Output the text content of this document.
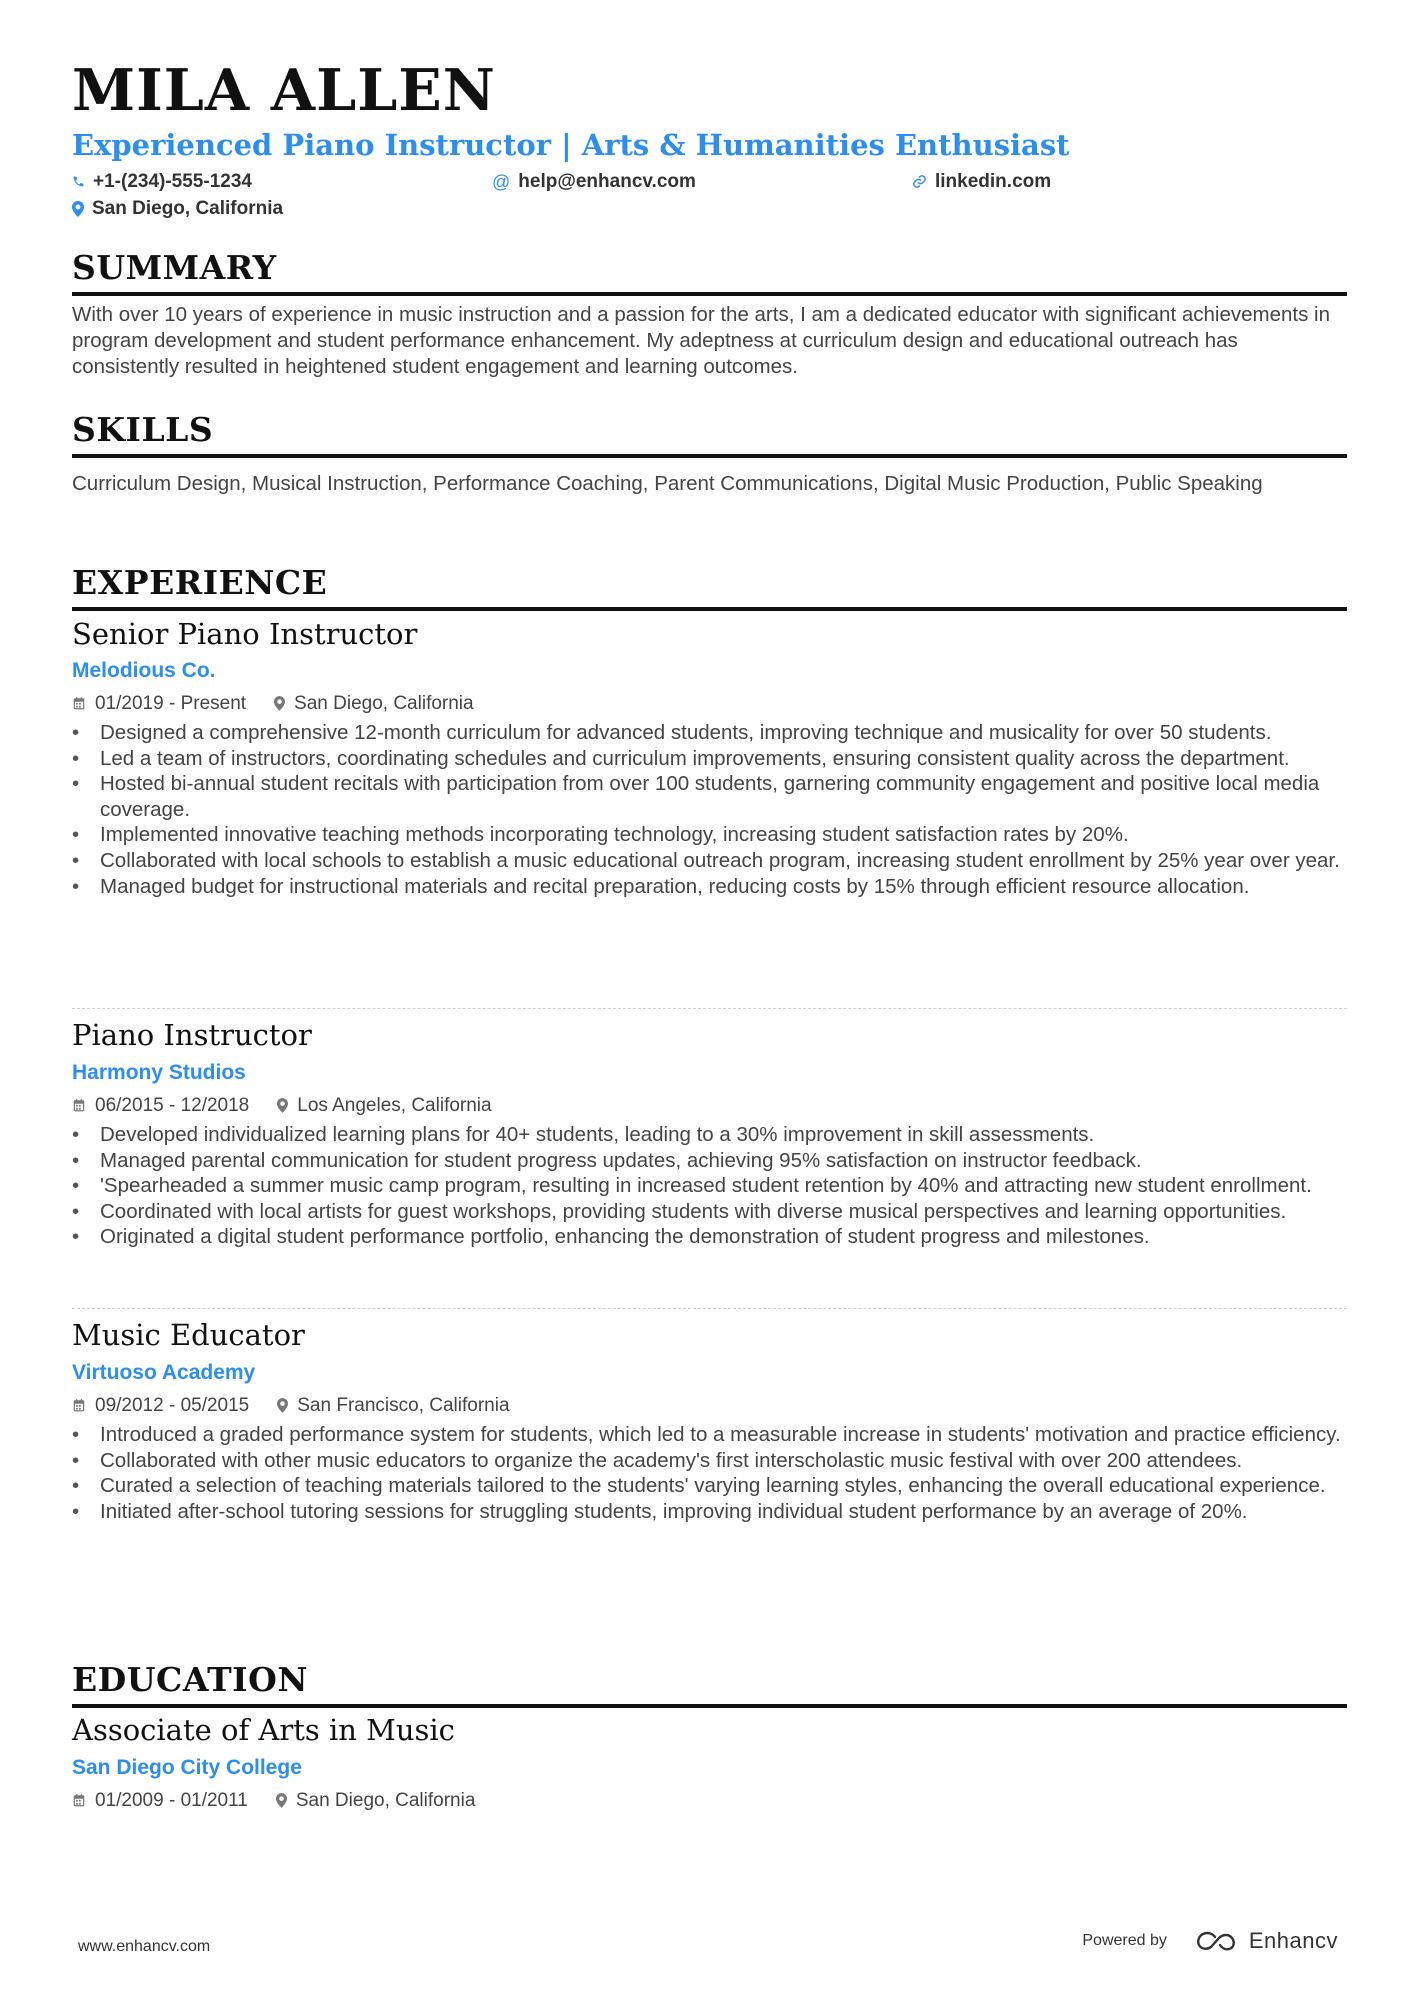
MILA ALLEN
Experienced Piano Instructor | Arts & Humanities Enthusiast
+1-(234)-555-1234	@ help@enhancv.com	linkedin.com
San Diego, California
SUMMARY
With over 10 years of experience in music instruction and a passion for the arts, I am a dedicated educator with significant achievements in program development and student performance enhancement. My adeptness at curriculum design and educational outreach has consistently resulted in heightened student engagement and learning outcomes.
SKILLS
Curriculum Design, Musical Instruction, Performance Coaching, Parent Communications, Digital Music Production, Public Speaking
EXPERIENCE
Senior Piano Instructor
Melodious Co.
01/2019 - Present	San Diego, California
• Designed a comprehensive 12-month curriculum for advanced students, improving technique and musicality for over 50 students.
• Led a team of instructors, coordinating schedules and curriculum improvements, ensuring consistent quality across the department.
• Hosted bi-annual student recitals with participation from over 100 students, garnering community engagement and positive local media coverage.
• Implemented innovative teaching methods incorporating technology, increasing student satisfaction rates by 20%.
• Collaborated with local schools to establish a music educational outreach program, increasing student enrollment by 25% year over year.
• Managed budget for instructional materials and recital preparation, reducing costs by 15% through efficient resource allocation.
Piano Instructor
Harmony Studios
06/2015 - 12/2018	Los Angeles, California
• Developed individualized learning plans for 40+ students, leading to a 30% improvement in skill assessments.
• Managed parental communication for student progress updates, achieving 95% satisfaction on instructor feedback.
• 'Spearheaded a summer music camp program, resulting in increased student retention by 40% and attracting new student enrollment.
• Coordinated with local artists for guest workshops, providing students with diverse musical perspectives and learning opportunities.
• Originated a digital student performance portfolio, enhancing the demonstration of student progress and milestones.
Music Educator
Virtuoso Academy
09/2012 - 05/2015	San Francisco, California
• Introduced a graded performance system for students, which led to a measurable increase in students' motivation and practice efficiency.
• Collaborated with other music educators to organize the academy's first interscholastic music festival with over 200 attendees.
• Curated a selection of teaching materials tailored to the students' varying learning styles, enhancing the overall educational experience.
• Initiated after-school tutoring sessions for struggling students, improving individual student performance by an average of 20%.
EDUCATION
Associate of Arts in Music
San Diego City College
01/2009 - 01/2011	San Diego, California
www.enhancv.com	Powered by	Enhancv
